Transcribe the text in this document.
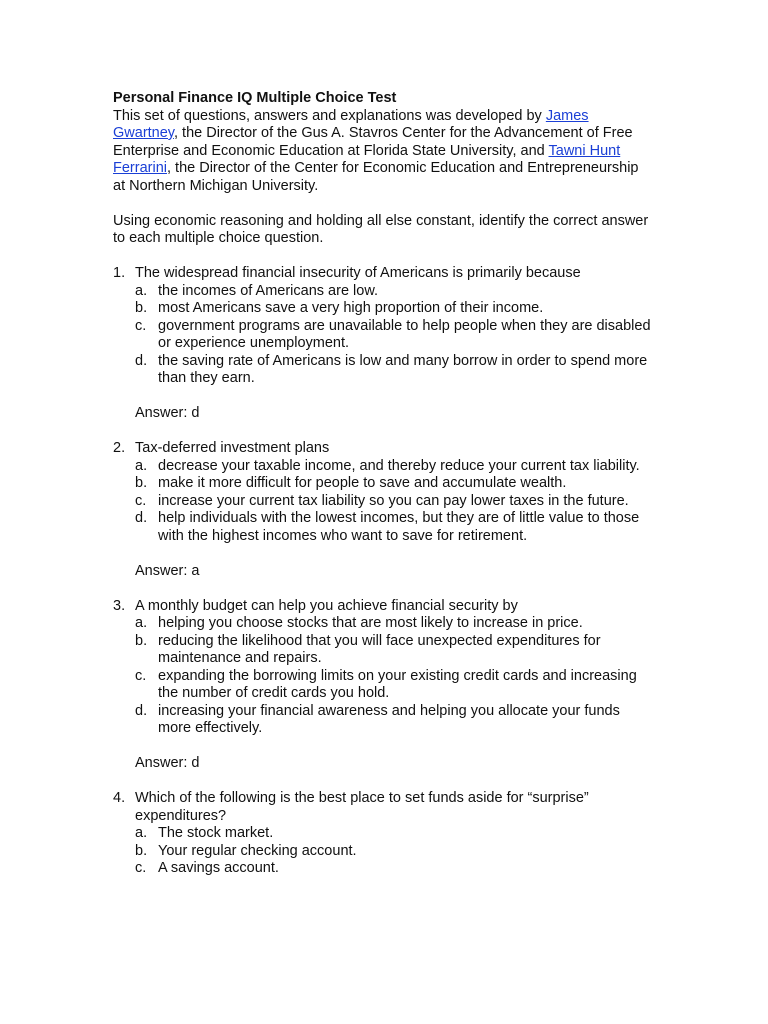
Personal Finance IQ Multiple Choice Test

This set of questions, answers and explanations was developed by James Gwartney, the Director of the Gus A. Stavros Center for the Advancement of Free Enterprise and Economic Education at Florida State University, and Tawni Hunt Ferrarini, the Director of the Center for Economic Education and Entrepreneurship at Northern Michigan University.

Using economic reasoning and holding all else constant, identify the correct answer to each multiple choice question.

1. The widespread financial insecurity of Americans is primarily because
a. the incomes of Americans are low.
b. most Americans save a very high proportion of their income.
c. government programs are unavailable to help people when they are disabled or experience unemployment.
d. the saving rate of Americans is low and many borrow in order to spend more than they earn.
Answer: d
2. Tax-deferred investment plans
a. decrease your taxable income, and thereby reduce your current tax liability.
b. make it more difficult for people to save and accumulate wealth.
c. increase your current tax liability so you can pay lower taxes in the future.
d. help individuals with the lowest incomes, but they are of little value to those with the highest incomes who want to save for retirement.
Answer: a
3. A monthly budget can help you achieve financial security by
a. helping you choose stocks that are most likely to increase in price.
b. reducing the likelihood that you will face unexpected expenditures for maintenance and repairs.
c. expanding the borrowing limits on your existing credit cards and increasing the number of credit cards you hold.
d. increasing your financial awareness and helping you allocate your funds more effectively.
Answer: d
4. Which of the following is the best place to set funds aside for “surprise” expenditures?
a. The stock market.
b. Your regular checking account.
c. A savings account.
